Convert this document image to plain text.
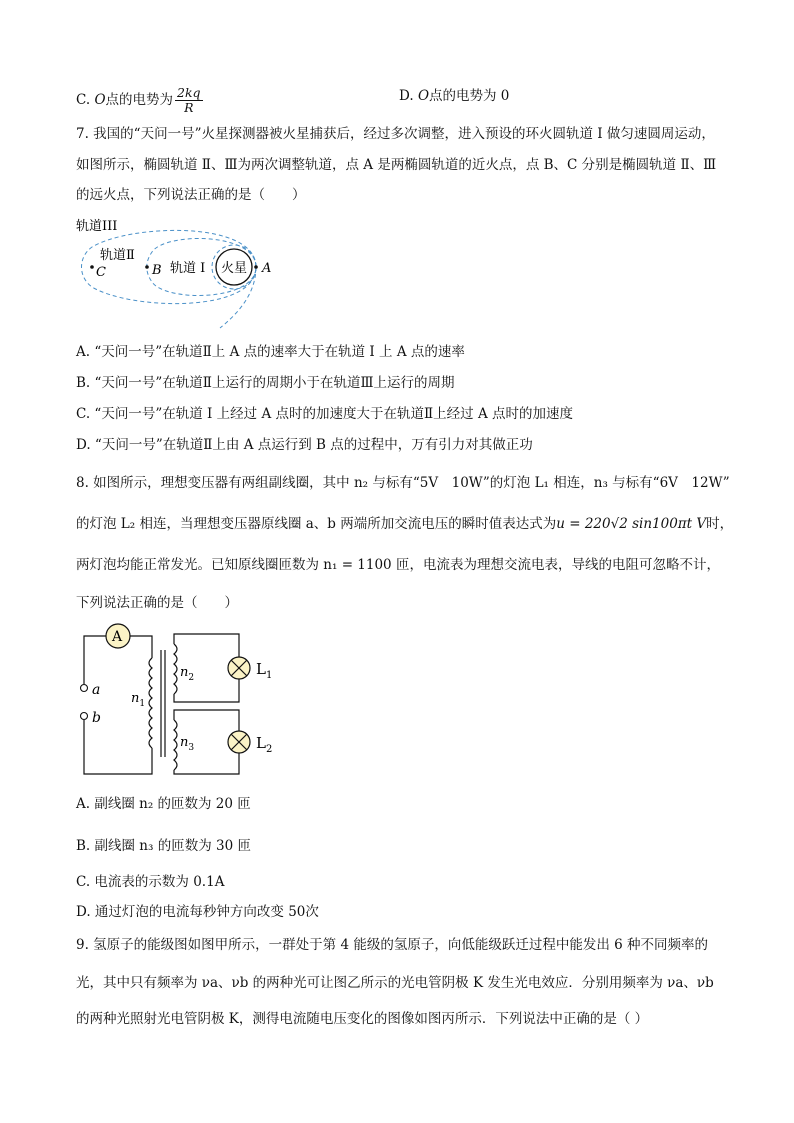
C. O点的电势为 $\frac{2kq}{R}$	D. O点的电势为 0
7. 我国的“天问一号”火星探测器被火星捕获后，经过多次调整，进入预设的环火圆轨道 I 做匀速圆周运动，
如图所示，椭圆轨道 Ⅱ、Ⅲ为两次调整轨道，点 A 是两椭圆轨道的近火点，点 B、C 分别是椭圆轨道 Ⅱ、Ⅲ
的远火点，下列说法正确的是（　　）
火星
轨道III
轨道Ⅱ
轨道 I
C	B	A
A. “天问一号”在轨道Ⅱ上 A 点的速率大于在轨道 I 上 A 点的速率
B. “天问一号”在轨道Ⅱ上运行的周期小于在轨道Ⅲ上运行的周期
C. “天问一号”在轨道 I 上经过 A 点时的加速度大于在轨道Ⅱ上经过 A 点时的加速度
D. “天问一号”在轨道Ⅱ上由 A 点运行到 B 点的过程中，万有引力对其做正功
8. 如图所示，理想变压器有两组副线圈，其中 n₂ 与标有“5V　10W”的灯泡 L₁ 相连，n₃ 与标有“6V　12W”
的灯泡 L₂ 相连，当理想变压器原线圈 a、b 两端所加交流电压的瞬时值表达式为u = 220√2 sin100πt V时，
两灯泡均能正常发光。已知原线圈匝数为 n₁ = 1100 匝，电流表为理想交流电表，导线的电阻可忽略不计，
下列说法正确的是（　　）
A
a
b
$n_1$
$n_2$
$n_3$
$L_1$
$L_2$
A. 副线圈 n₂ 的匝数为 20 匝
B. 副线圈 n₃ 的匝数为 30 匝
C. 电流表的示数为 0.1A
D. 通过灯泡的电流每秒钟方向改变 50次
9. 氢原子的能级图如图甲所示，一群处于第 4 能级的氢原子，向低能级跃迁过程中能发出 6 种不同频率的
光，其中只有频率为 νa、νb 的两种光可让图乙所示的光电管阴极 K 发生光电效应．分别用频率为 νa、νb
的两种光照射光电管阴极 K，测得电流随电压变化的图像如图丙所示．下列说法中正确的是（ ）
